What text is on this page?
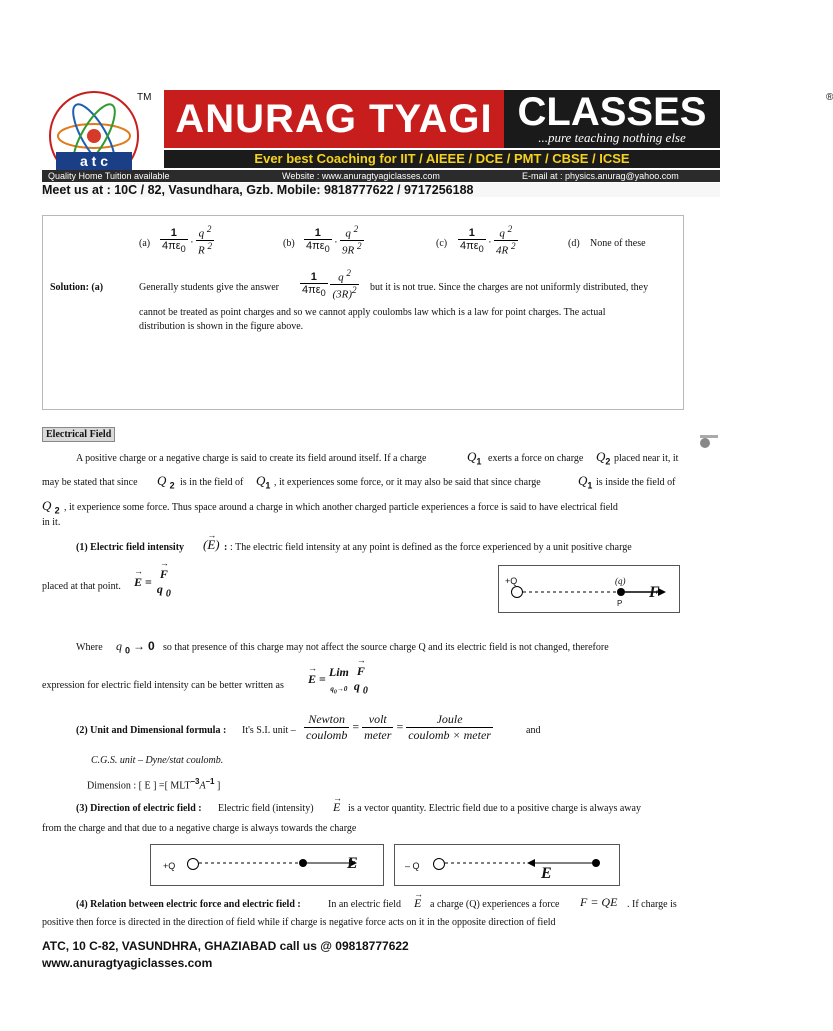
a t c
TM ANURAG TYAGI CLASSES
...pure teaching nothing else
®
Ever best Coaching for IIT / AIEEE / DCE / PMT / CBSE / ICSE
Quality Home Tuition available	Website : www.anuragtyagiclasses.com	E-mail at : physics.anurag@yahoo.com
Meet us at : 10C / 82, Vasundhara, Gzb. Mobile: 9818777622 / 9717256188
$(a) \frac{1}{4\pi\varepsilon_0}$ . $\frac{q ^2}{R ^2}$	$(b) \frac{1}{4\pi\varepsilon_0}$ . $\frac{q ^2}{9R ^2}$	$(c) \frac{1}{4\pi\varepsilon_0}$ . $\frac{q ^2}{4R ^2}$	(d) None of these
Solution: (a)	Generally students give the answer $\frac{1}{4\pi\varepsilon_0}$
$\frac{q ^2}{(3R)^2}$ but it is not true. Since the charges are not uniformly distributed, they
cannot be treated as point charges and so we cannot apply coulombs law which is a law for point charges. The actual
distribution is shown in the figure above.
Electrical Field
A positive charge or a negative charge is said to create its field around itself. If a charge	$Q_1$ exerts a force on charge $Q_2$ placed near it, it
may be stated that since Q $_2$ is in the field of $Q_1$ , it experiences some force, or it may also be said that since charge	$Q_1$ is inside the field of
Q $_2$ , it experience some force. Thus space around a charge in which another charged particle experiences a force is said to have electrical field
in it.
(1) Electric field intensity (E
→
) : : The electric field intensity at any point is defined as the force experienced by a unit positive charge
placed at that point. E
→
=
F
→
q $_0$
+Q	(q)
P
F
Where q $_0$ → 0 so that presence of this charge may not affect the source charge Q and its electric field is not changed, therefore
expression for electric field intensity can be better written as E
→
= Lim
$q_0\to 0$
F
→
q $_0$
(2) Unit and Dimensional formula : It's S.I. unit – $\frac{\text{Newton}}{\text{coulomb}} = \frac{\text{volt}}{\text{meter}} = \frac{\text{Joule}}{\text{coulomb × meter}}$	and
C.G.S. unit – Dyne/stat coulomb.
Dimension : [ E ] =[ $MLT^{-3}A^{-1}$ ]
(3) Direction of electric field : Electric field (intensity) E
→
is a vector quantity. Electric field due to a positive charge is always away
from the charge and that due to a negative charge is always towards the charge
+Q	E	– Q	E
(4) Relation between electric force and electric field :	In an electric field E
→
a charge (Q) experiences a force F = QE . If charge is
positive then force is directed in the direction of field while if charge is negative force acts on it in the opposite direction of field
ATC, 10 C-82, VASUNDHRA, GHAZIABAD call us @ 09818777622
www.anuragtyagiclasses.com
